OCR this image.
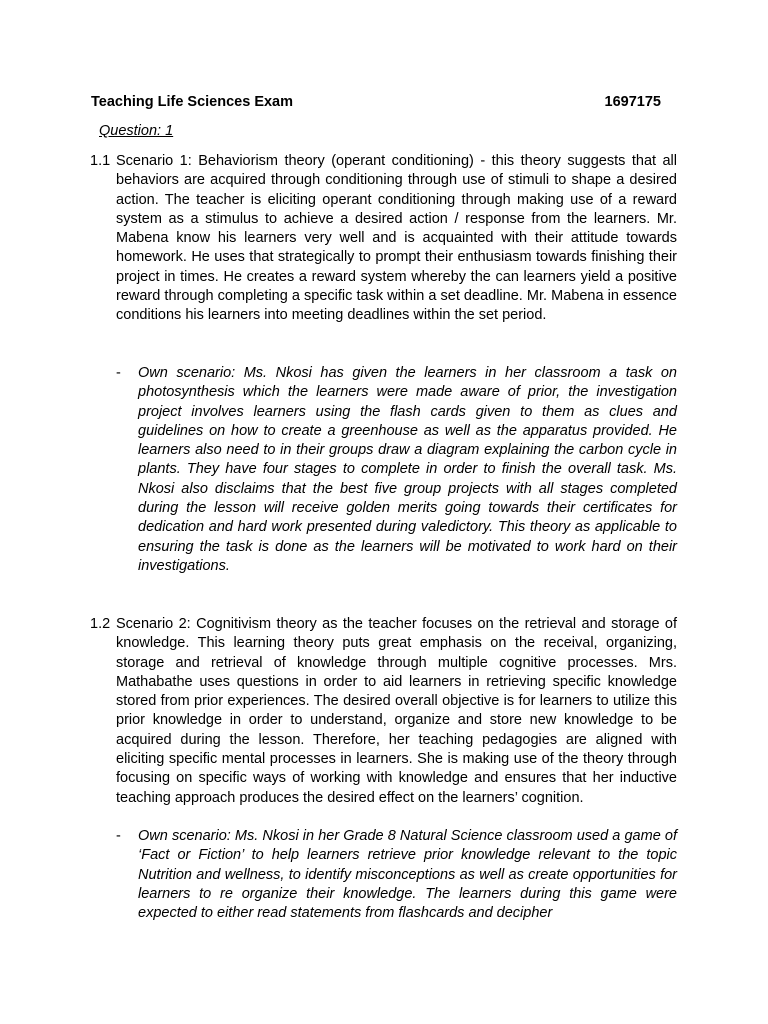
Teaching Life Sciences Exam	1697175
Question: 1
1.1 Scenario 1: Behaviorism theory (operant conditioning) - this theory suggests that all behaviors are acquired through conditioning through use of stimuli to shape a desired action. The teacher is eliciting operant conditioning through making use of a reward system as a stimulus to achieve a desired action / response from the learners. Mr. Mabena know his learners very well and is acquainted with their attitude towards homework. He uses that strategically to prompt their enthusiasm towards finishing their project in times. He creates a reward system whereby the can learners yield a positive reward through completing a specific task within a set deadline. Mr. Mabena in essence conditions his learners into meeting deadlines within the set period.
- Own scenario: Ms. Nkosi has given the learners in her classroom a task on photosynthesis which the learners were made aware of prior, the investigation project involves learners using the flash cards given to them as clues and guidelines on how to create a greenhouse as well as the apparatus provided. He learners also need to in their groups draw a diagram explaining the carbon cycle in plants. They have four stages to complete in order to finish the overall task. Ms. Nkosi also disclaims that the best five group projects with all stages completed during the lesson will receive golden merits going towards their certificates for dedication and hard work presented during valedictory. This theory as applicable to ensuring the task is done as the learners will be motivated to work hard on their investigations.
1.2 Scenario 2: Cognitivism theory as the teacher focuses on the retrieval and storage of knowledge. This learning theory puts great emphasis on the receival, organizing, storage and retrieval of knowledge through multiple cognitive processes. Mrs. Mathabathe uses questions in order to aid learners in retrieving specific knowledge stored from prior experiences. The desired overall objective is for learners to utilize this prior knowledge in order to understand, organize and store new knowledge to be acquired during the lesson. Therefore, her teaching pedagogies are aligned with eliciting specific mental processes in learners. She is making use of the theory through focusing on specific ways of working with knowledge and ensures that her inductive teaching approach produces the desired effect on the learners’ cognition.
- Own scenario: Ms. Nkosi in her Grade 8 Natural Science classroom used a game of ‘Fact or Fiction’ to help learners retrieve prior knowledge relevant to the topic Nutrition and wellness, to identify misconceptions as well as create opportunities for learners to re organize their knowledge. The learners during this game were expected to either read statements from flashcards and decipher
